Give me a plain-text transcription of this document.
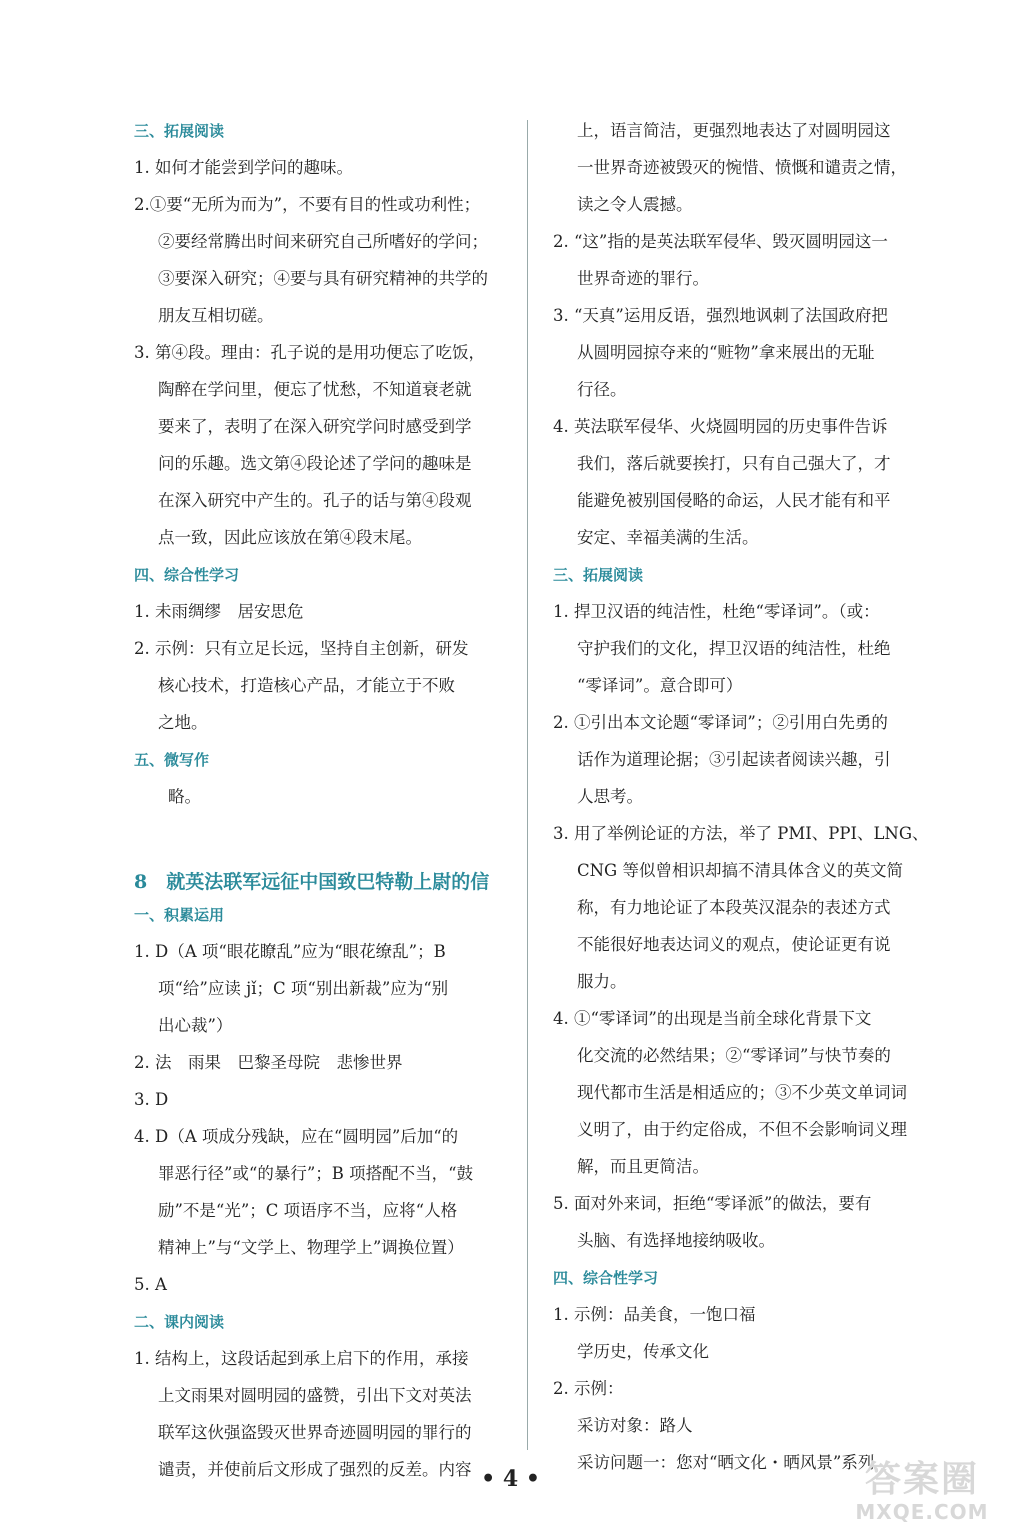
三、拓展阅读

1. 如何才能尝到学问的趣味。

2.①要“无所为而为”，不要有目的性或功利性；

②要经常腾出时间来研究自己所嗜好的学问；

③要深入研究；④要与具有研究精神的共学的

朋友互相切磋。

3. 第④段。理由：孔子说的是用功便忘了吃饭，

陶醉在学问里，便忘了忧愁，不知道衰老就

要来了，表明了在深入研究学问时感受到学

问的乐趣。选文第④段论述了学问的趣味是

在深入研究中产生的。孔子的话与第④段观

点一致，因此应该放在第④段末尾。

四、综合性学习

1. 未雨绸缪　居安思危

2. 示例：只有立足长远，坚持自主创新，研发

核心技术，打造核心产品，才能立于不败

之地。

五、微写作

略。

8　就英法联军远征中国致巴特勒上尉的信
一、积累运用

1. D（A 项“眼花瞭乱”应为“眼花缭乱”；B

项“给”应读 jǐ；C 项“别出新裁”应为“别

出心裁”）

2. 法　雨果　巴黎圣母院　悲惨世界

3. D

4. D（A 项成分残缺，应在“圆明园”后加“的

罪恶行径”或“的暴行”；B 项搭配不当，“鼓

励”不是“光”；C 项语序不当，应将“人格

精神上”与“文学上、物理学上”调换位置）

5. A

二、课内阅读

1. 结构上，这段话起到承上启下的作用，承接

上文雨果对圆明园的盛赞，引出下文对英法

联军这伙强盗毁灭世界奇迹圆明园的罪行的

谴责，并使前后文形成了强烈的反差。内容

上，语言简洁，更强烈地表达了对圆明园这

一世界奇迹被毁灭的惋惜、愤慨和谴责之情，

读之令人震撼。

2. “这”指的是英法联军侵华、毁灭圆明园这一

世界奇迹的罪行。

3. “天真”运用反语，强烈地讽刺了法国政府把

从圆明园掠夺来的“赃物”拿来展出的无耻

行径。

4. 英法联军侵华、火烧圆明园的历史事件告诉

我们，落后就要挨打，只有自己强大了，才

能避免被别国侵略的命运，人民才能有和平

安定、幸福美满的生活。

三、拓展阅读

1. 捍卫汉语的纯洁性，杜绝“零译词”。（或：

守护我们的文化，捍卫汉语的纯洁性，杜绝

“零译词”。意合即可）

2. ①引出本文论题“零译词”；②引用白先勇的

话作为道理论据；③引起读者阅读兴趣，引

人思考。

3. 用了举例论证的方法，举了 PMI、PPI、LNG、

CNG 等似曾相识却搞不清具体含义的英文简

称，有力地论证了本段英汉混杂的表述方式

不能很好地表达词义的观点，使论证更有说

服力。

4. ①“零译词”的出现是当前全球化背景下文

化交流的必然结果；②“零译词”与快节奏的

现代都市生活是相适应的；③不少英文单词词

义明了，由于约定俗成，不但不会影响词义理

解，而且更简洁。

5. 面对外来词，拒绝“零译派”的做法，要有

头脑、有选择地接纳吸收。

四、综合性学习

1. 示例：品美食，一饱口福

学历史，传承文化

2. 示例：

采访对象：路人

采访问题一：您对“晒文化・晒风景”系列

• 4 •	答案圈
MXQE.COM
